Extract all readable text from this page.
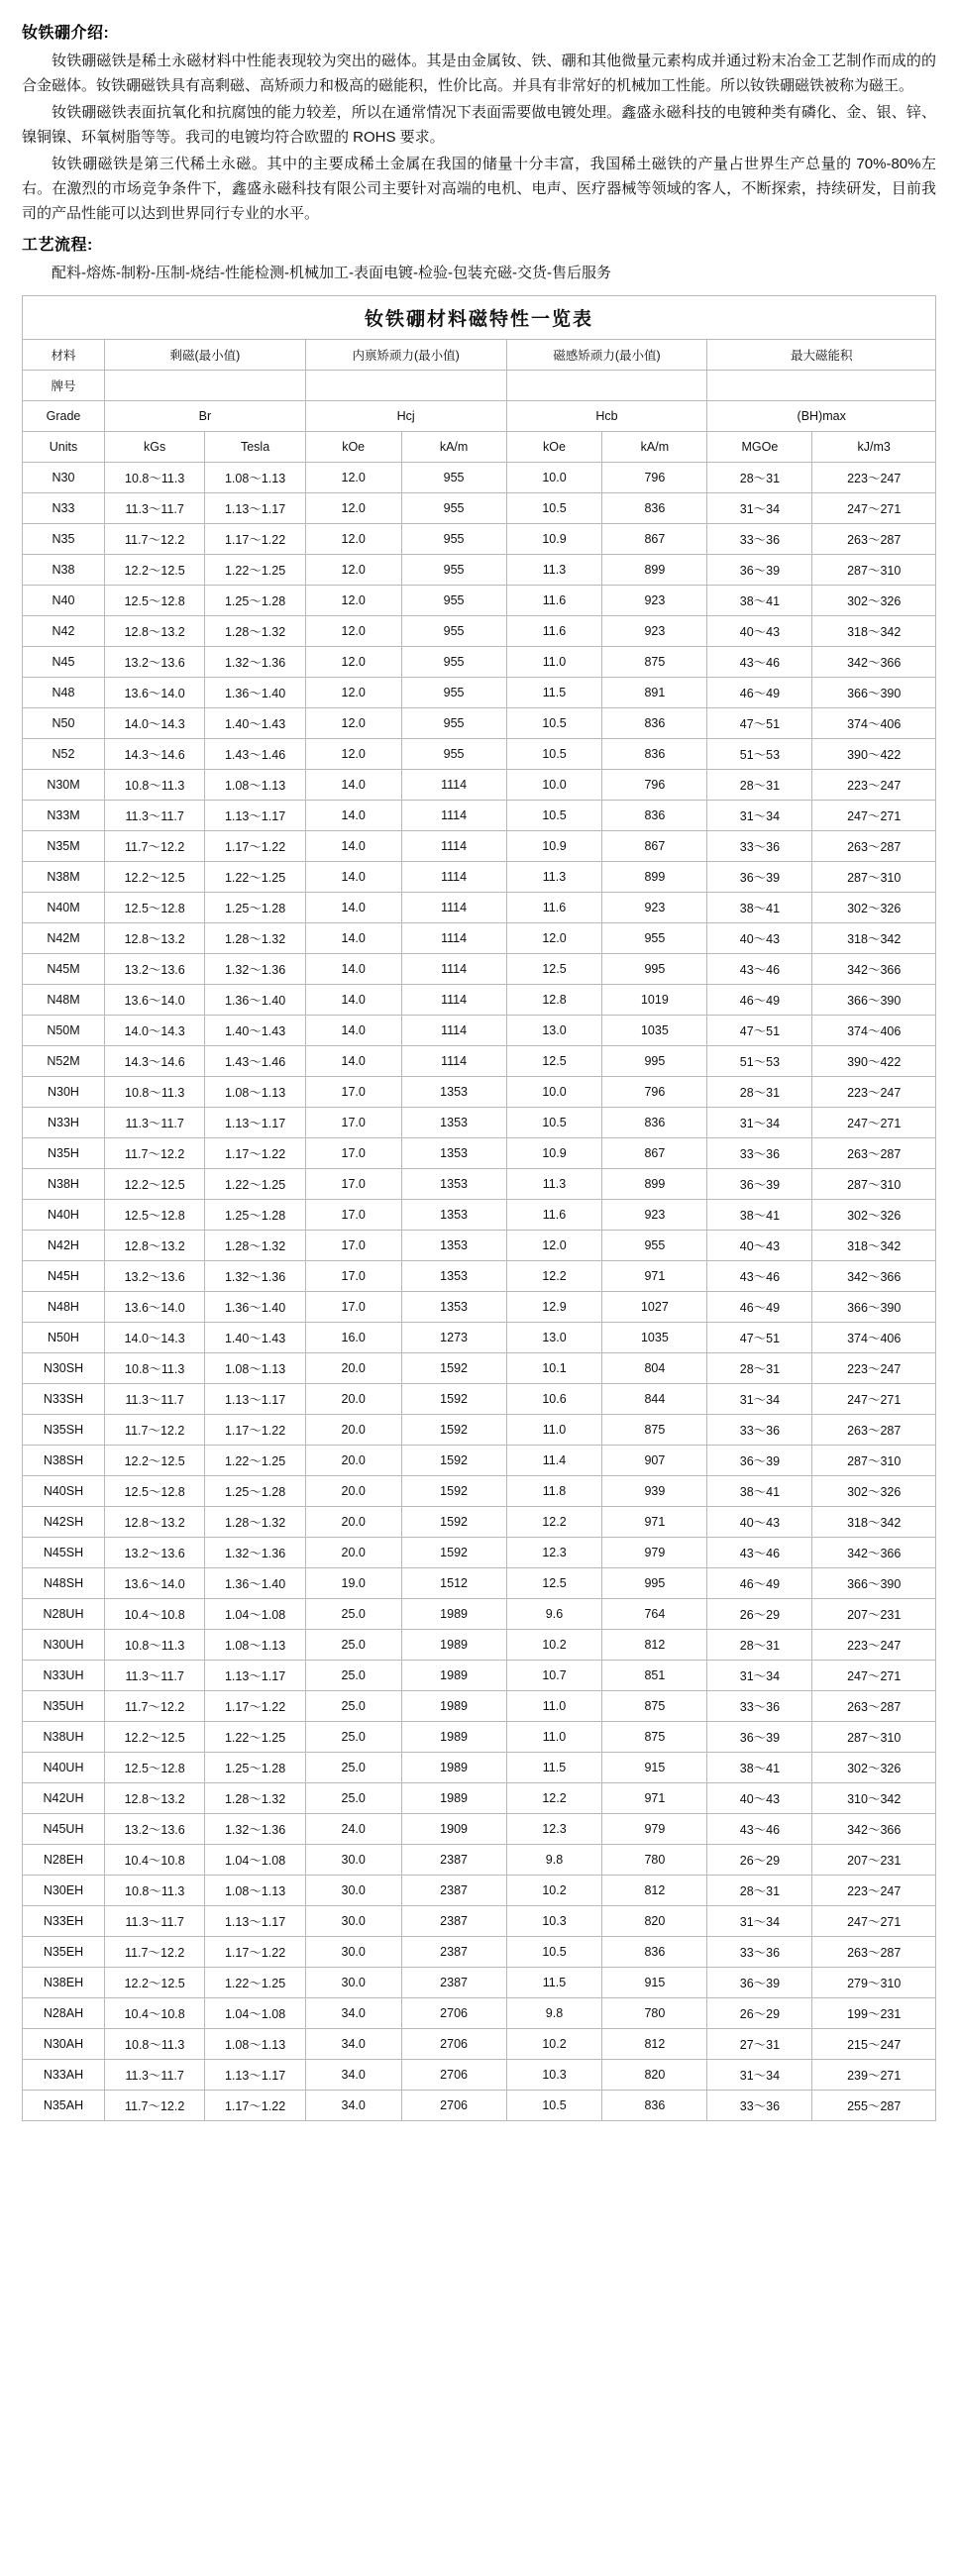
钕铁硼介绍:

钕铁硼磁铁是稀土永磁材料中性能表现较为突出的磁体。其是由金属钕、铁、硼和其他微量元素构成并通过粉末冶金工艺制作而成的的合金磁体。钕铁硼磁铁具有高剩磁、高矫顽力和极高的磁能积，性价比高。并具有非常好的机械加工性能。所以钕铁硼磁铁被称为磁王。

钕铁硼磁铁表面抗氧化和抗腐蚀的能力较差，所以在通常情况下表面需要做电镀处理。鑫盛永磁科技的电镀种类有磷化、金、银、锌、镍铜镍、环氧树脂等等。我司的电镀均符合欧盟的 ROHS 要求。

钕铁硼磁铁是第三代稀土永磁。其中的主要成稀土金属在我国的储量十分丰富，我国稀土磁铁的产量占世界生产总量的 70%-80%左右。在激烈的市场竞争条件下，鑫盛永磁科技有限公司主要针对高端的电机、电声、医疗器械等领域的客人，不断探索，持续研发，目前我司的产品性能可以达到世界同行专业的水平。

工艺流程:
配料-熔炼-制粉-压制-烧结-性能检测-机械加工-表面电镀-检验-包装充磁-交货-售后服务
钕铁硼材料磁特性一览表								
材料	剩磁(最小值)		内禀矫顽力(最小值)		磁感矫顽力(最小值)		最大磁能积	
牌号								
Grade	Br		Hcj		Hcb		(BH)max	
Units	kGs	Tesla	kOe	kA/m	kOe	kA/m	MGOe	kJ/m3
N30	10.8～11.3	1.08～1.13	12.0	955	10.0	796	28～31	223～247
N33	11.3～11.7	1.13～1.17	12.0	955	10.5	836	31～34	247～271
N35	11.7～12.2	1.17～1.22	12.0	955	10.9	867	33～36	263～287
N38	12.2～12.5	1.22～1.25	12.0	955	11.3	899	36～39	287～310
N40	12.5～12.8	1.25～1.28	12.0	955	11.6	923	38～41	302～326
N42	12.8～13.2	1.28～1.32	12.0	955	11.6	923	40～43	318～342
N45	13.2～13.6	1.32～1.36	12.0	955	11.0	875	43～46	342～366
N48	13.6～14.0	1.36～1.40	12.0	955	11.5	891	46～49	366～390
N50	14.0～14.3	1.40～1.43	12.0	955	10.5	836	47～51	374～406
N52	14.3～14.6	1.43～1.46	12.0	955	10.5	836	51～53	390～422
N30M	10.8～11.3	1.08～1.13	14.0	1114	10.0	796	28～31	223～247
N33M	11.3～11.7	1.13～1.17	14.0	1114	10.5	836	31～34	247～271
N35M	11.7～12.2	1.17～1.22	14.0	1114	10.9	867	33～36	263～287
N38M	12.2～12.5	1.22～1.25	14.0	1114	11.3	899	36～39	287～310
N40M	12.5～12.8	1.25～1.28	14.0	1114	11.6	923	38～41	302～326
N42M	12.8～13.2	1.28～1.32	14.0	1114	12.0	955	40～43	318～342
N45M	13.2～13.6	1.32～1.36	14.0	1114	12.5	995	43～46	342～366
N48M	13.6～14.0	1.36～1.40	14.0	1114	12.8	1019	46～49	366～390
N50M	14.0～14.3	1.40～1.43	14.0	1114	13.0	1035	47～51	374～406
N52M	14.3～14.6	1.43～1.46	14.0	1114	12.5	995	51～53	390～422
N30H	10.8～11.3	1.08～1.13	17.0	1353	10.0	796	28～31	223～247
N33H	11.3～11.7	1.13～1.17	17.0	1353	10.5	836	31～34	247～271
N35H	11.7～12.2	1.17～1.22	17.0	1353	10.9	867	33～36	263～287
N38H	12.2～12.5	1.22～1.25	17.0	1353	11.3	899	36～39	287～310
N40H	12.5～12.8	1.25～1.28	17.0	1353	11.6	923	38～41	302～326
N42H	12.8～13.2	1.28～1.32	17.0	1353	12.0	955	40～43	318～342
N45H	13.2～13.6	1.32～1.36	17.0	1353	12.2	971	43～46	342～366
N48H	13.6～14.0	1.36～1.40	17.0	1353	12.9	1027	46～49	366～390
N50H	14.0～14.3	1.40～1.43	16.0	1273	13.0	1035	47～51	374～406
N30SH	10.8～11.3	1.08～1.13	20.0	1592	10.1	804	28～31	223～247
N33SH	11.3～11.7	1.13～1.17	20.0	1592	10.6	844	31～34	247～271
N35SH	11.7～12.2	1.17～1.22	20.0	1592	11.0	875	33～36	263～287
N38SH	12.2～12.5	1.22～1.25	20.0	1592	11.4	907	36～39	287～310
N40SH	12.5～12.8	1.25～1.28	20.0	1592	11.8	939	38～41	302～326
N42SH	12.8～13.2	1.28～1.32	20.0	1592	12.2	971	40～43	318～342
N45SH	13.2～13.6	1.32～1.36	20.0	1592	12.3	979	43～46	342～366
N48SH	13.6～14.0	1.36～1.40	19.0	1512	12.5	995	46～49	366～390
N28UH	10.4～10.8	1.04～1.08	25.0	1989	9.6	764	26～29	207～231
N30UH	10.8～11.3	1.08～1.13	25.0	1989	10.2	812	28～31	223～247
N33UH	11.3～11.7	1.13～1.17	25.0	1989	10.7	851	31～34	247～271
N35UH	11.7～12.2	1.17～1.22	25.0	1989	11.0	875	33～36	263～287
N38UH	12.2～12.5	1.22～1.25	25.0	1989	11.0	875	36～39	287～310
N40UH	12.5～12.8	1.25～1.28	25.0	1989	11.5	915	38～41	302～326
N42UH	12.8～13.2	1.28～1.32	25.0	1989	12.2	971	40～43	310～342
N45UH	13.2～13.6	1.32～1.36	24.0	1909	12.3	979	43～46	342～366
N28EH	10.4～10.8	1.04～1.08	30.0	2387	9.8	780	26～29	207～231
N30EH	10.8～11.3	1.08～1.13	30.0	2387	10.2	812	28～31	223～247
N33EH	11.3～11.7	1.13～1.17	30.0	2387	10.3	820	31～34	247～271
N35EH	11.7～12.2	1.17～1.22	30.0	2387	10.5	836	33～36	263～287
N38EH	12.2～12.5	1.22～1.25	30.0	2387	11.5	915	36～39	279～310
N28AH	10.4～10.8	1.04～1.08	34.0	2706	9.8	780	26～29	199～231
N30AH	10.8～11.3	1.08～1.13	34.0	2706	10.2	812	27～31	215～247
N33AH	11.3～11.7	1.13～1.17	34.0	2706	10.3	820	31～34	239～271
N35AH	11.7～12.2	1.17～1.22	34.0	2706	10.5	836	33～36	255～287
